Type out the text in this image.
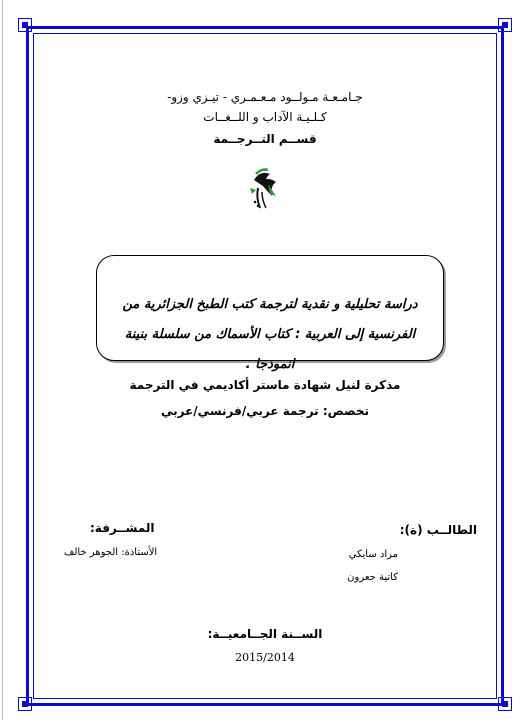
جـامـعـة مـولــود مـعـمـري - تيـزي وزو-
كـلـيـة الآداب و اللــغــات
قســم التــرجــمة
دراسة تحليلية و نقدية لترجمة كتب الطبخ الجزائرية من
الفرنسية إلى العربية : كتاب الأسماك من سلسلة بنينة انموذجا .
مذكرة لنيل شهادة ماستر أكاديمي في الترجمة
تخصص: ترجمة عربي/فرنسي/عربي
الطالــب (ة):
المشــرفة:
مراد سايكي
كاتية جعرون
الأستاذة: الجوهر خالف
الســنة الجــامعيــة:
2015/2014
